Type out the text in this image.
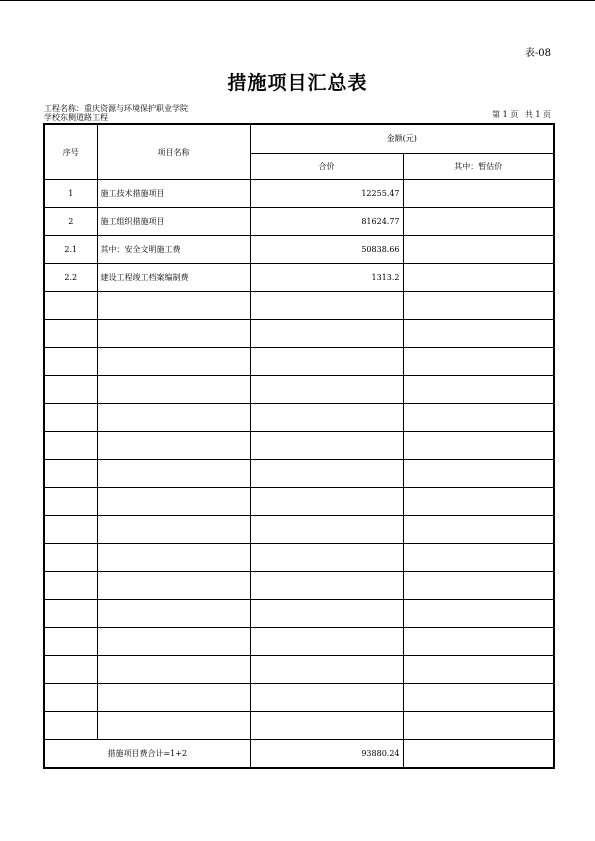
表-08
措施项目汇总表
工程名称：重庆资源与环境保护职业学院
学校东侧道路工程	第 1 页 共 1 页
序号	项目名称	金额(元)	
		合价	其中：暂估价
1	施工技术措施项目	12255.47	
2	施工组织措施项目	81624.77	
2.1	其中：安全文明施工费	50838.66	
2.2	建设工程竣工档案编制费	1313.2	

措施项目费合计=1+2		93880.24	
